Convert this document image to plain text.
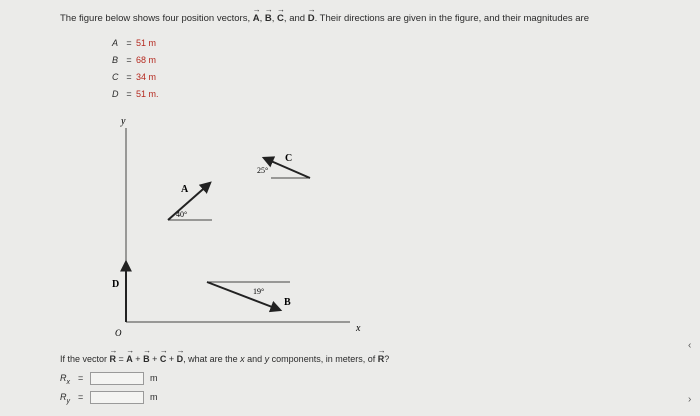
The figure below shows four position vectors, → A, → B, → C, and → D. Their directions are given in the figure, and their magnitudes are
A = 51 m
B = 68 m
C = 34 m
D = 51 m.
y
x
O
D
A
40°
C
25°
B
19°
If the vector → R = → A + → B + → C + → D, what are the x and y components, in meters, of → R?
$R_x$ =	m
$R_y$ =	m
‹
›
